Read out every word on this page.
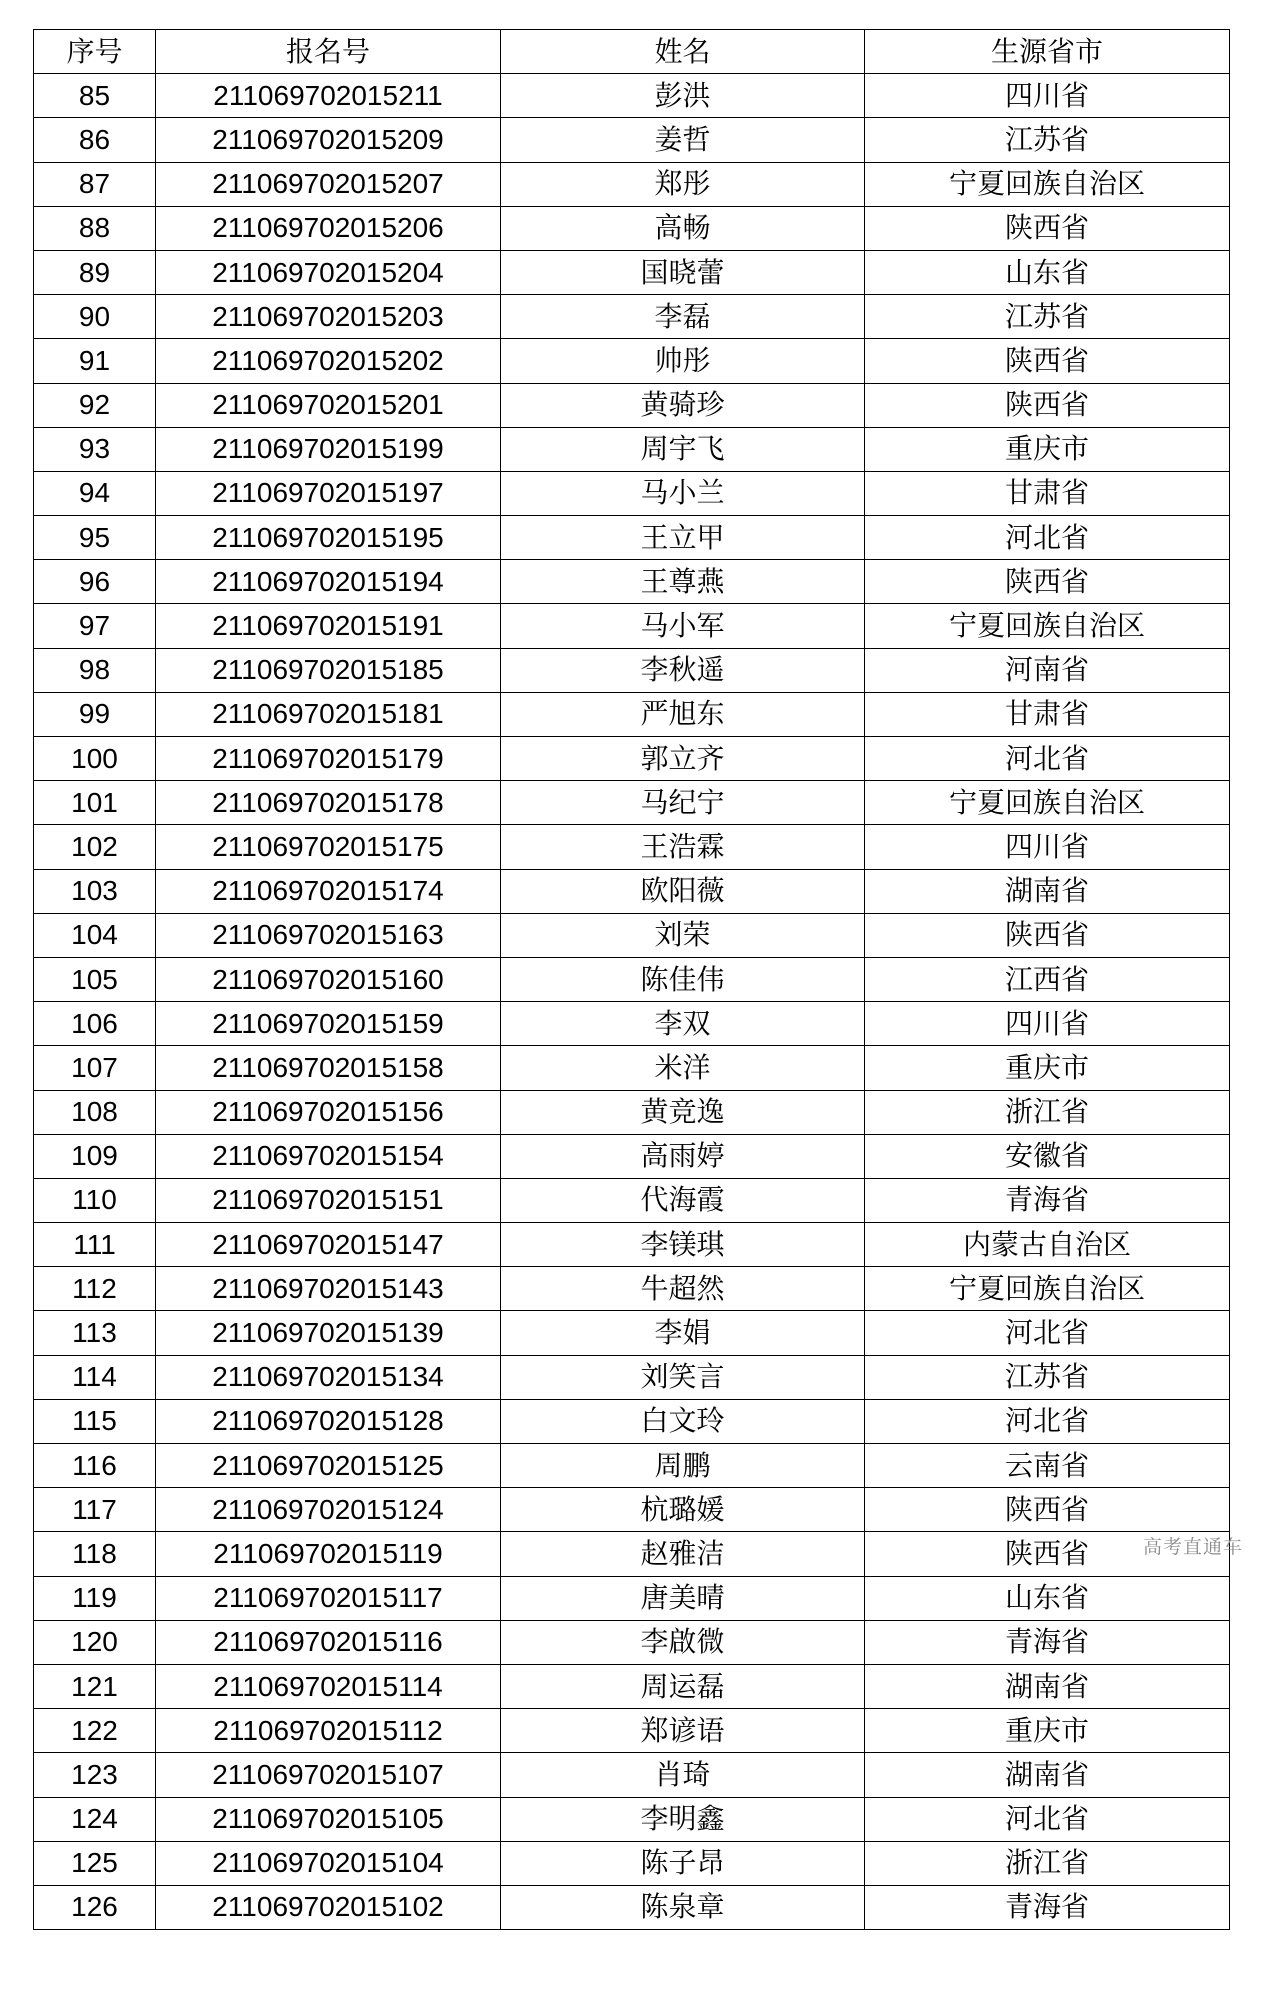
序号	报名号	姓名	生源省市
85	211069702015211	彭洪	四川省
86	211069702015209	姜哲	江苏省
87	211069702015207	郑彤	宁夏回族自治区
88	211069702015206	高畅	陕西省
89	211069702015204	国晓蕾	山东省
90	211069702015203	李磊	江苏省
91	211069702015202	帅彤	陕西省
92	211069702015201	黄骑珍	陕西省
93	211069702015199	周宇飞	重庆市
94	211069702015197	马小兰	甘肃省
95	211069702015195	王立甲	河北省
96	211069702015194	王尊燕	陕西省
97	211069702015191	马小军	宁夏回族自治区
98	211069702015185	李秋遥	河南省
99	211069702015181	严旭东	甘肃省
100	211069702015179	郭立齐	河北省
101	211069702015178	马纪宁	宁夏回族自治区
102	211069702015175	王浩霖	四川省
103	211069702015174	欧阳薇	湖南省
104	211069702015163	刘荣	陕西省
105	211069702015160	陈佳伟	江西省
106	211069702015159	李双	四川省
107	211069702015158	米洋	重庆市
108	211069702015156	黄竞逸	浙江省
109	211069702015154	高雨婷	安徽省
110	211069702015151	代海霞	青海省
111	211069702015147	李镁琪	内蒙古自治区
112	211069702015143	牛超然	宁夏回族自治区
113	211069702015139	李娟	河北省
114	211069702015134	刘笑言	江苏省
115	211069702015128	白文玲	河北省
116	211069702015125	周鹏	云南省
117	211069702015124	杭璐媛	陕西省
118	211069702015119	赵雅洁	陕西省
119	211069702015117	唐美晴	山东省
120	211069702015116	李啟微	青海省
121	211069702015114	周运磊	湖南省
122	211069702015112	郑谚语	重庆市
123	211069702015107	肖琦	湖南省
124	211069702015105	李明鑫	河北省
125	211069702015104	陈子昂	浙江省
126	211069702015102	陈泉章	青海省
高考直通车
